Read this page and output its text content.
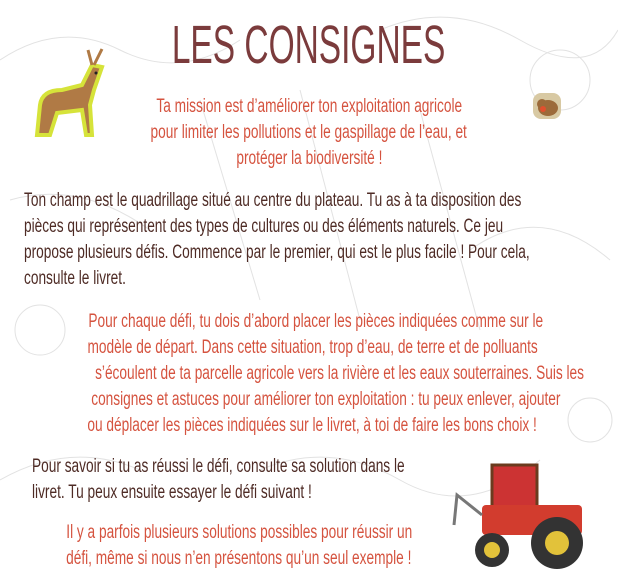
LES CONSIGNES
Ta mission est d’améliorer ton exploitation agricole
pour limiter les pollutions et le gaspillage de l’eau, et
protéger la biodiversité !
Ton champ est le quadrillage situé au centre du plateau. Tu as à ta disposition des
pièces qui représentent des types de cultures ou des éléments naturels. Ce jeu
propose plusieurs défis. Commence par le premier, qui est le plus facile ! Pour cela,
consulte le livret.
Pour chaque défi, tu dois d’abord placer les pièces indiquées comme sur le
modèle de départ. Dans cette situation, trop d’eau, de terre et de polluants
s’écoulent de ta parcelle agricole vers la rivière et les eaux souterraines. Suis les
consignes et astuces pour améliorer ton exploitation : tu peux enlever, ajouter
ou déplacer les pièces indiquées sur le livret, à toi de faire les bons choix !
Pour savoir si tu as réussi le défi, consulte sa solution dans le
livret. Tu peux ensuite essayer le défi suivant !
Il y a parfois plusieurs solutions possibles pour réussir un
défi, même si nous n’en présentons qu’un seul exemple !
